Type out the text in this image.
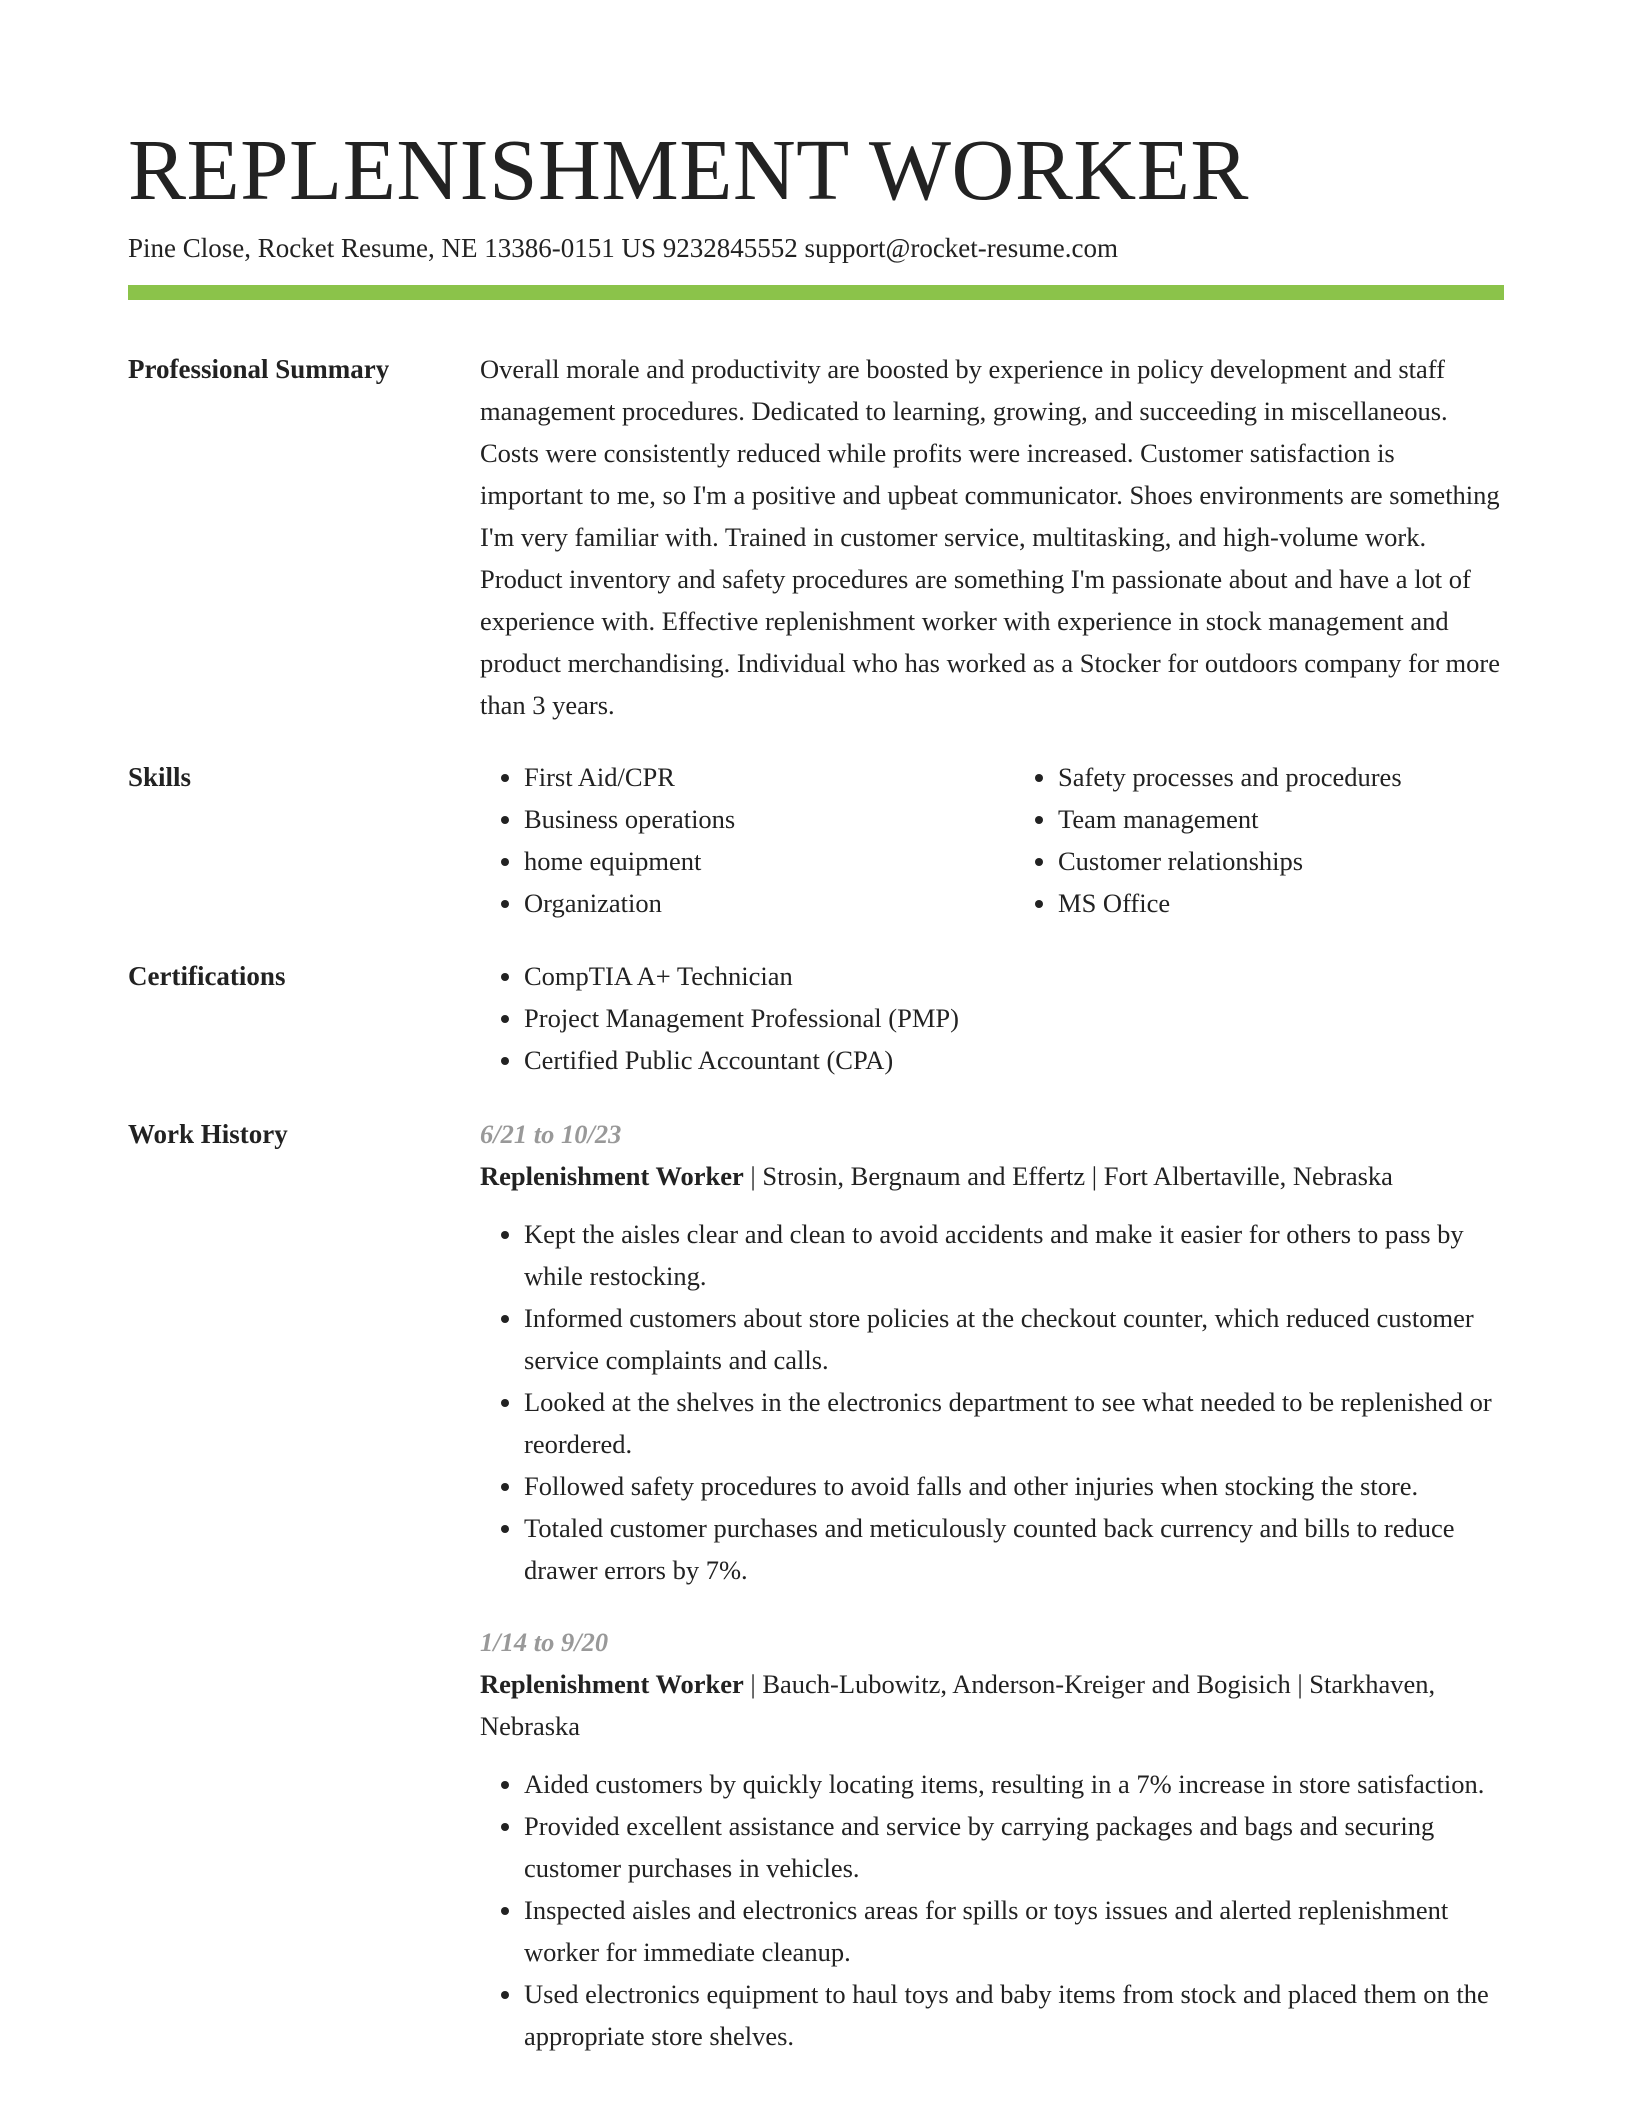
REPLENISHMENT WORKER
Pine Close, Rocket Resume, NE 13386-0151 US 9232845552 support@rocket-resume.com
Professional Summary	Overall morale and productivity are boosted by experience in policy development and staff management procedures. Dedicated to learning, growing, and succeeding in miscellaneous. Costs were consistently reduced while profits were increased. Customer satisfaction is important to me, so I'm a positive and upbeat communicator. Shoes environments are something I'm very familiar with. Trained in customer service, multitasking, and high-volume work. Product inventory and safety procedures are something I'm passionate about and have a lot of experience with. Effective replenishment worker with experience in stock management and product merchandising. Individual who has worked as a Stocker for outdoors company for more than 3 years.

Skills	• First Aid/CPR
• Business operations
• home equipment
• Organization
• Safety processes and procedures
• Team management
• Customer relationships
• MS Office
Certifications	• CompTIA A+ Technician
• Project Management Professional (PMP)
• Certified Public Accountant (CPA)
Work History	6/21 to 10/23
Replenishment Worker | Strosin, Bergnaum and Effertz | Fort Albertaville, Nebraska
• Kept the aisles clear and clean to avoid accidents and make it easier for others to pass by while restocking.
• Informed customers about store policies at the checkout counter, which reduced customer service complaints and calls.
• Looked at the shelves in the electronics department to see what needed to be replenished or reordered.
• Followed safety procedures to avoid falls and other injuries when stocking the store.
• Totaled customer purchases and meticulously counted back currency and bills to reduce drawer errors by 7%.
1/14 to 9/20
Replenishment Worker | Bauch-Lubowitz, Anderson-Kreiger and Bogisich | Starkhaven, Nebraska
• Aided customers by quickly locating items, resulting in a 7% increase in store satisfaction.
• Provided excellent assistance and service by carrying packages and bags and securing customer purchases in vehicles.
• Inspected aisles and electronics areas for spills or toys issues and alerted replenishment worker for immediate cleanup.
• Used electronics equipment to haul toys and baby items from stock and placed them on the appropriate store shelves.
